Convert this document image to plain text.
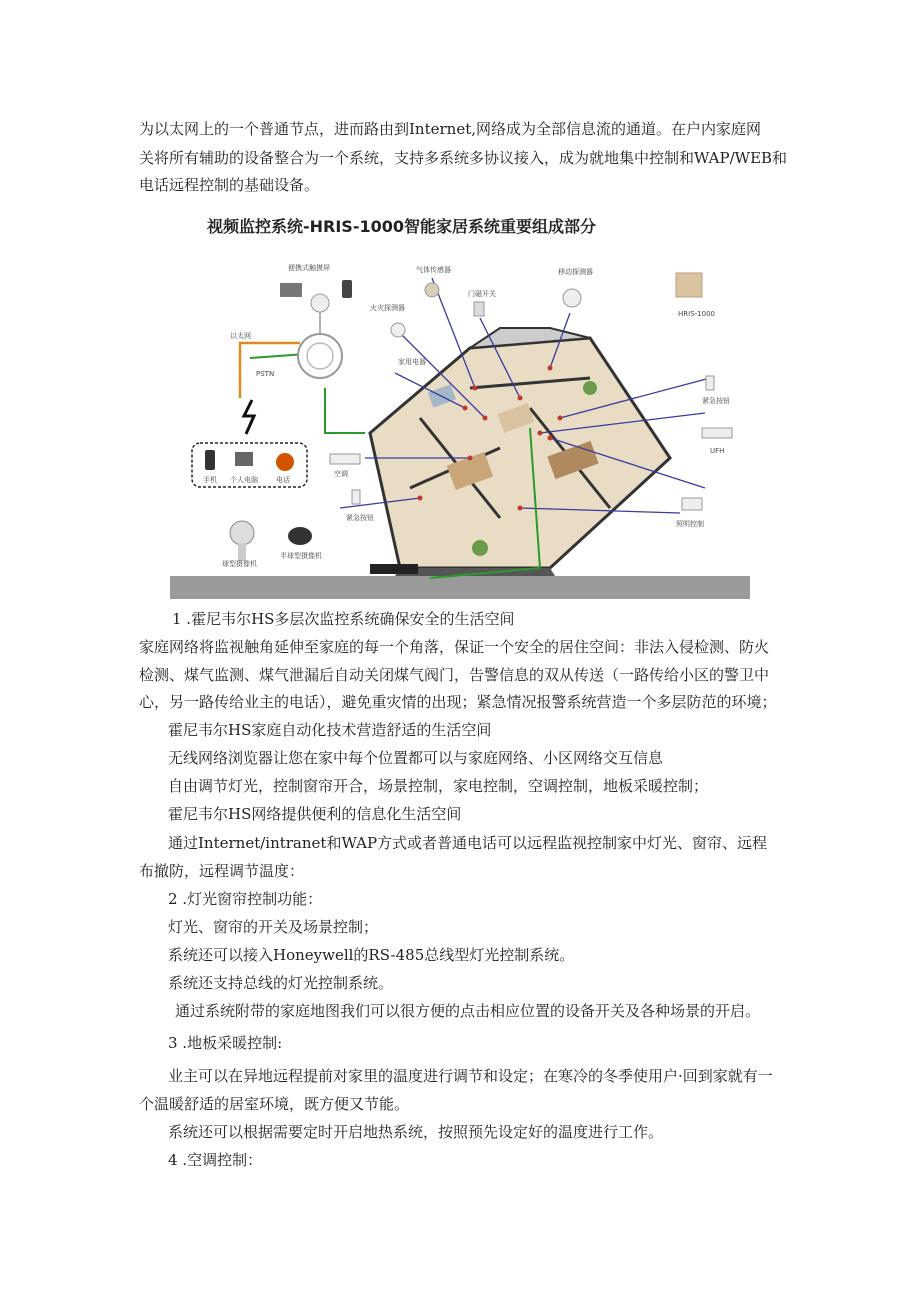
为以太网上的一个普通节点，进而路由到Internet,网络成为全部信息流的通道。在户内家庭网
关将所有辅助的设备整合为一个系统，支持多系统多协议接入，成为就地集中控制和WAP/WEB和
电话远程控制的基础设备。
视频监控系统-HRIS-1000智能家居系统重要组成部分
便携式触摸屏	气体传感器	移动探测器
门磁开关
火灾探测器
家用电器
以太网
PSTN
HRIS-1000
紧急按钮
UFH
空调
照明控制
紧急按钮
手机 个人电脑	电话
球型摄像机
半球型摄像机
1 .霍尼韦尔HS多层次监控系统确保安全的生活空间
家庭网络将监视触角延伸至家庭的每一个角落，保证一个安全的居住空间：非法入侵检测、防火
检测、煤气监测、煤气泄漏后自动关闭煤气阀门，告警信息的双从传送（一路传给小区的警卫中
心，另一路传给业主的电话），避免重灾情的出现；紧急情况报警系统营造一个多层防范的环境；
霍尼韦尔HS家庭自动化技术营造舒适的生活空间
无线网络浏览器让您在家中每个位置都可以与家庭网络、小区网络交互信息
自由调节灯光，控制窗帘开合，场景控制，家电控制，空调控制，地板采暖控制；
霍尼韦尔HS网络提供便利的信息化生活空间
通过Internet/intranet和WAP方式或者普通电话可以远程监视控制家中灯光、窗帘、远程
布撤防，远程调节温度：
2 .灯光窗帘控制功能：
灯光、窗帘的开关及场景控制；
系统还可以接入Honeywell的RS-485总线型灯光控制系统。
系统还支持总线的灯光控制系统。
通过系统附带的家庭地图我们可以很方便的点击相应位置的设备开关及各种场景的开启。
3 .地板采暖控制:
业主可以在异地远程提前对家里的温度进行调节和设定；在寒冷的冬季使用户·回到家就有一
个温暖舒适的居室环境，既方便又节能。
系统还可以根据需要定时开启地热系统，按照预先设定好的温度进行工作。
4 .空调控制：
